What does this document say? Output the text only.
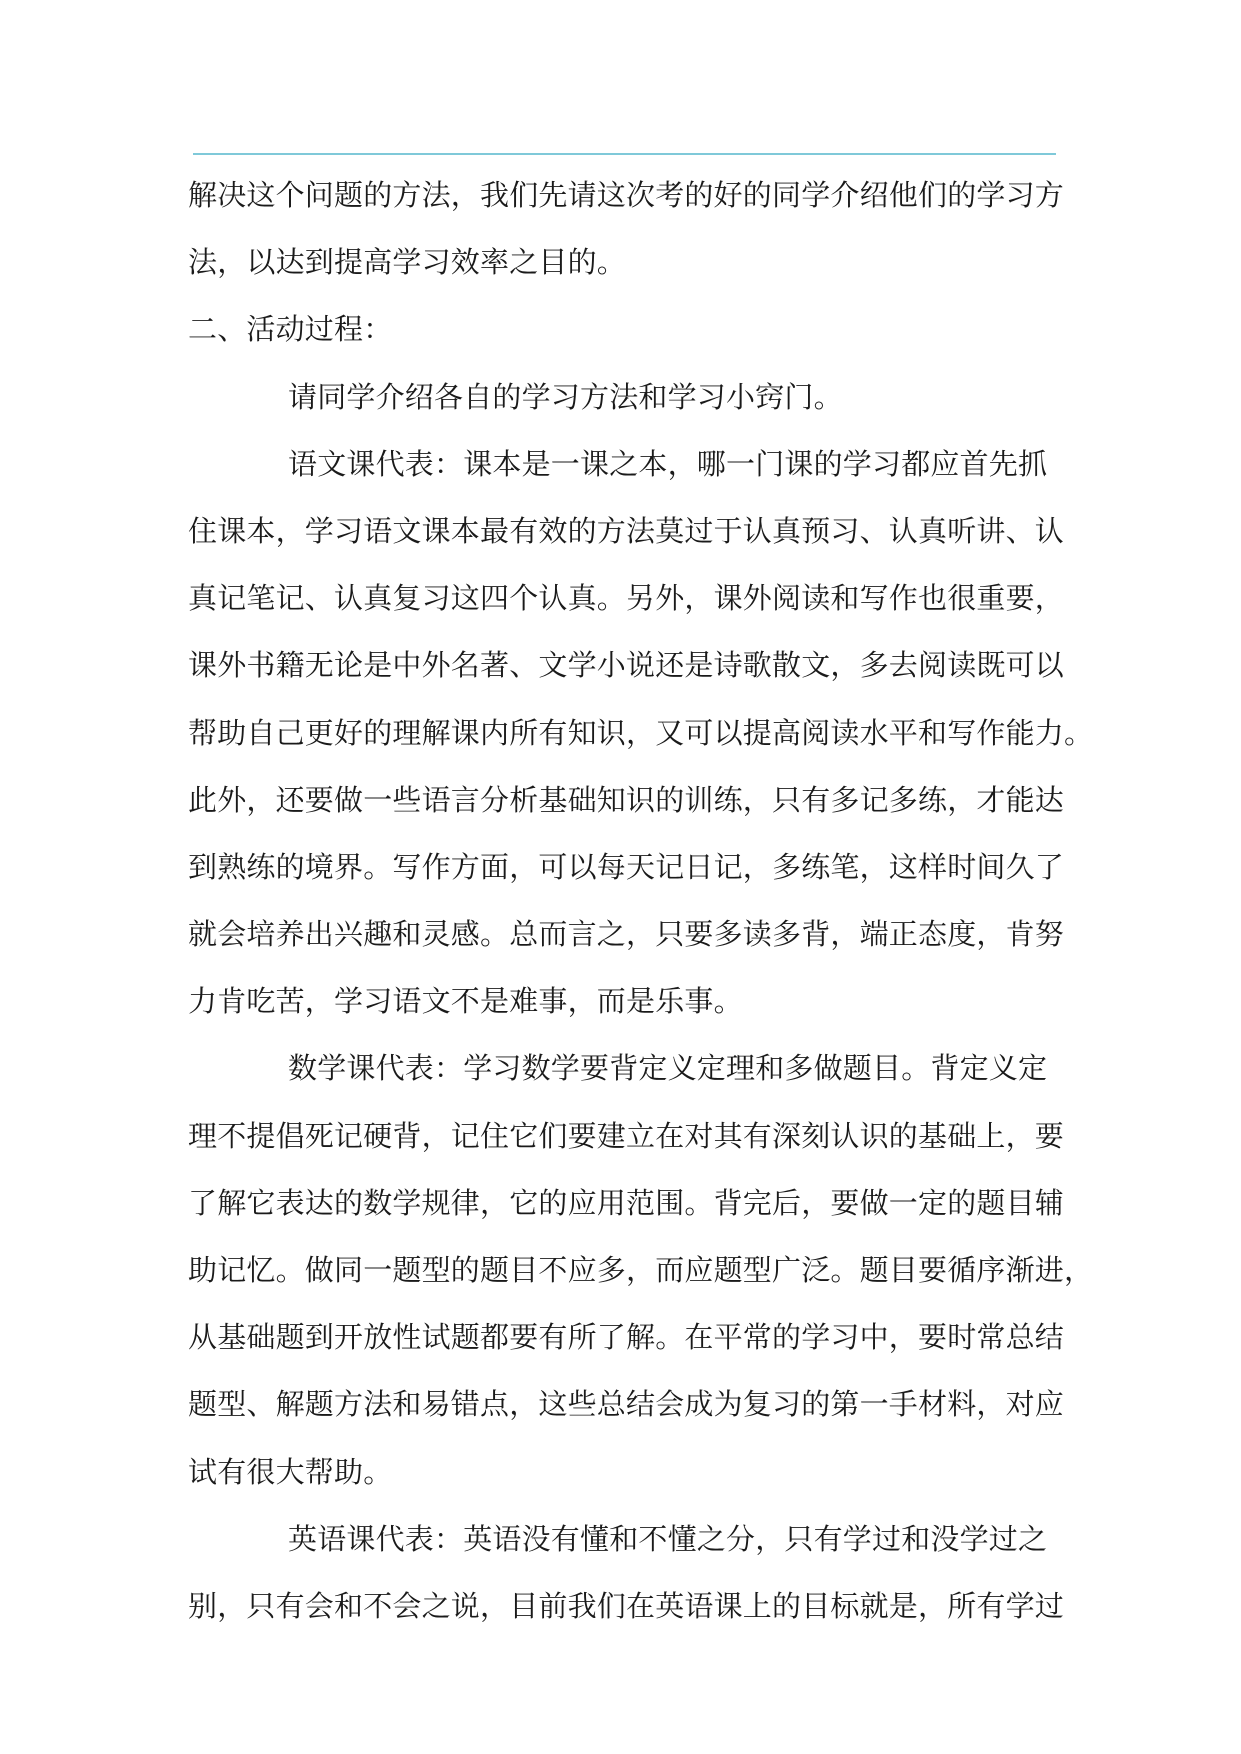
解决这个问题的方法，我们先请这次考的好的同学介绍他们的学习方
法，以达到提高学习效率之目的。
二、活动过程：
请同学介绍各自的学习方法和学习小窍门。
语文课代表：课本是一课之本，哪一门课的学习都应首先抓
住课本，学习语文课本最有效的方法莫过于认真预习、认真听讲、认
真记笔记、认真复习这四个认真。另外，课外阅读和写作也很重要，
课外书籍无论是中外名著、文学小说还是诗歌散文，多去阅读既可以
帮助自己更好的理解课内所有知识，又可以提高阅读水平和写作能力。
此外，还要做一些语言分析基础知识的训练，只有多记多练，才能达
到熟练的境界。写作方面，可以每天记日记，多练笔，这样时间久了
就会培养出兴趣和灵感。总而言之，只要多读多背，端正态度，肯努
力肯吃苦，学习语文不是难事，而是乐事。
数学课代表：学习数学要背定义定理和多做题目。背定义定
理不提倡死记硬背，记住它们要建立在对其有深刻认识的基础上，要
了解它表达的数学规律，它的应用范围。背完后，要做一定的题目辅
助记忆。做同一题型的题目不应多，而应题型广泛。题目要循序渐进，
从基础题到开放性试题都要有所了解。在平常的学习中，要时常总结
题型、解题方法和易错点，这些总结会成为复习的第一手材料，对应
试有很大帮助。
英语课代表：英语没有懂和不懂之分，只有学过和没学过之
别，只有会和不会之说，目前我们在英语课上的目标就是，所有学过
